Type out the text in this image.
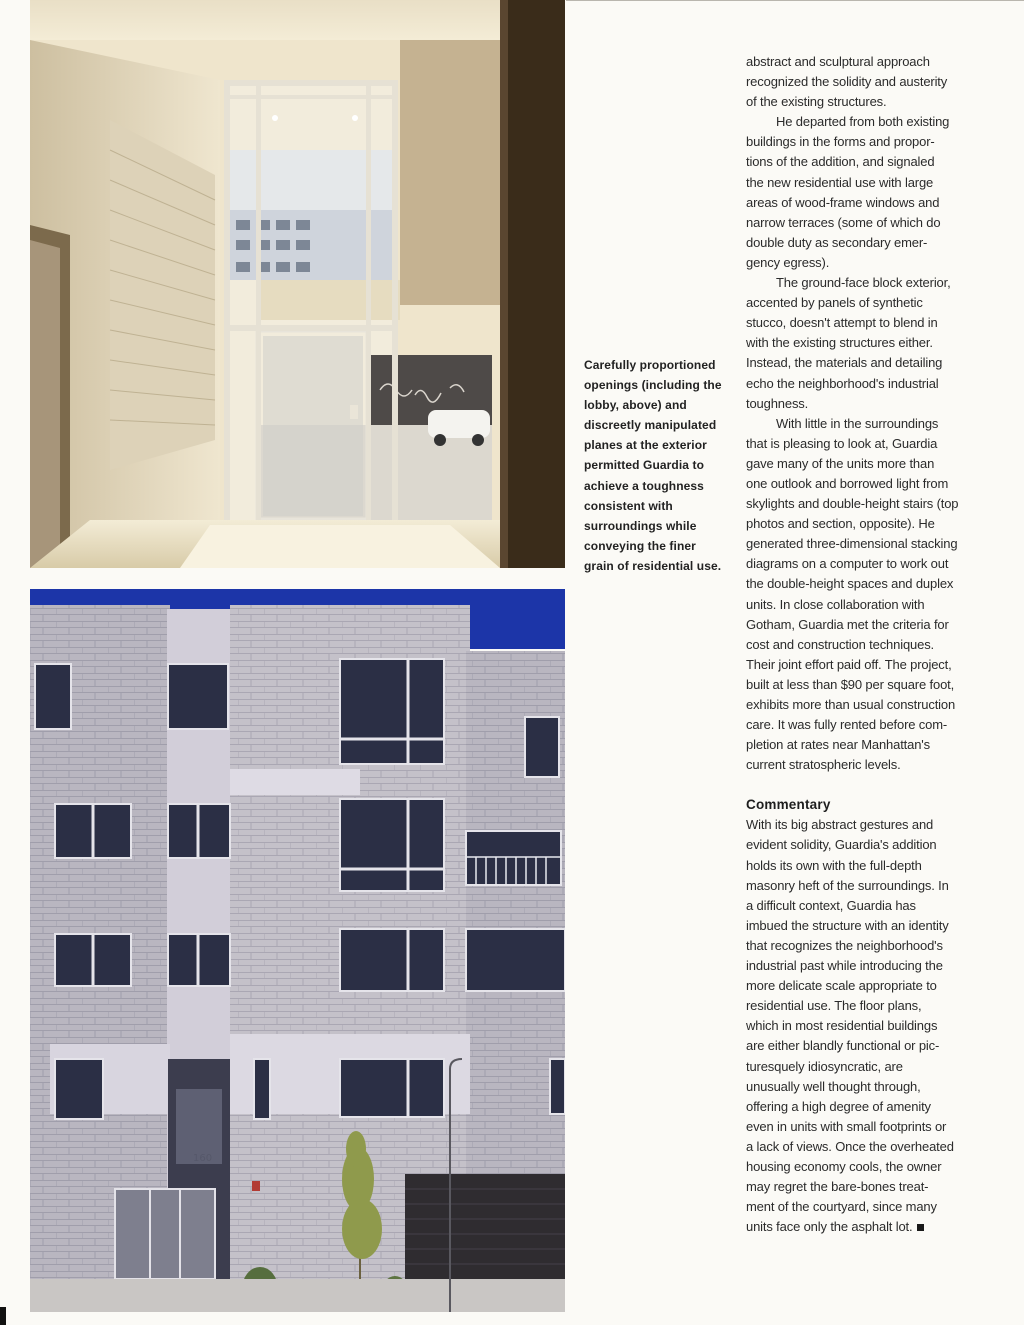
160
Carefully proportioned
openings (including the
lobby, above) and
discreetly manipulated
planes at the exterior
permitted Guardia to
achieve a toughness
consistent with
surroundings while
conveying the finer
grain of residential use.
abstract and sculptural approach
recognized the solidity and austerity
of the existing structures.
He departed from both existing
buildings in the forms and propor-
tions of the addition, and signaled
the new residential use with large
areas of wood-frame windows and
narrow terraces (some of which do
double duty as secondary emer-
gency egress).
The ground-face block exterior,
accented by panels of synthetic
stucco, doesn't attempt to blend in
with the existing structures either.
Instead, the materials and detailing
echo the neighborhood's industrial
toughness.
With little in the surroundings
that is pleasing to look at, Guardia
gave many of the units more than
one outlook and borrowed light from
skylights and double-height stairs (top
photos and section, opposite). He
generated three-dimensional stacking
diagrams on a computer to work out
the double-height spaces and duplex
units. In close collaboration with
Gotham, Guardia met the criteria for
cost and construction techniques.
Their joint effort paid off. The project,
built at less than $90 per square foot,
exhibits more than usual construction
care. It was fully rented before com-
pletion at rates near Manhattan's
current stratospheric levels.
Commentary
With its big abstract gestures and
evident solidity, Guardia's addition
holds its own with the full-depth
masonry heft of the surroundings. In
a difficult context, Guardia has
imbued the structure with an identity
that recognizes the neighborhood's
industrial past while introducing the
more delicate scale appropriate to
residential use. The floor plans,
which in most residential buildings
are either blandly functional or pic-
turesquely idiosyncratic, are
unusually well thought through,
offering a high degree of amenity
even in units with small footprints or
a lack of views. Once the overheated
housing economy cools, the owner
may regret the bare-bones treat-
ment of the courtyard, since many
units face only the asphalt lot.
